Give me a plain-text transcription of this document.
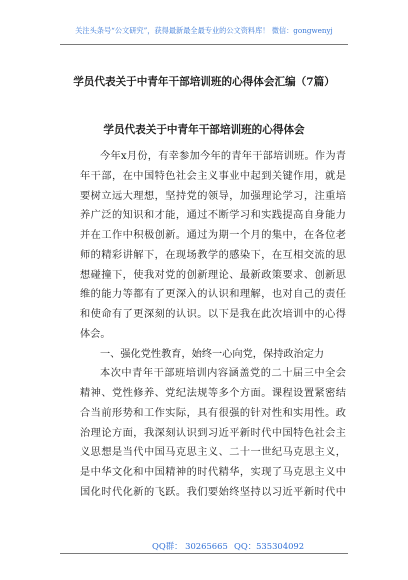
关注头条号“公文研究”，获得最新最全最专业的公文资料库！ 微信：gongwenyj
学员代表关于中青年干部培训班的心得体会汇编（7篇）
学员代表关于中青年干部培训班的心得体会
今年x月份，有幸参加今年的青年干部培训班。作为青
年干部，在中国特色社会主义事业中起到关键作用，就是
要树立远大理想，坚持党的领导，加强理论学习，注重培
养广泛的知识和才能，通过不断学习和实践提高自身能力
并在工作中积极创新。通过为期一个月的集中，在各位老
师的精彩讲解下，在现场教学的感染下，在互相交流的思
想碰撞下，使我对党的创新理论、最新政策要求、创新思
维的能力等都有了更深入的认识和理解，也对自己的责任
和使命有了更深刻的认识。以下是我在此次培训中的心得
体会。
一、强化党性教育，始终一心向党，保持政治定力
本次中青年干部班培训内容涵盖党的二十届三中全会
精神、党性修养、党纪法规等多个方面。课程设置紧密结
合当前形势和工作实际，具有很强的针对性和实用性。政
治理论方面，我深刻认识到习近平新时代中国特色社会主
义思想是当代中国马克思主义、二十一世纪马克思主义，
是中华文化和中国精神的时代精华，实现了马克思主义中
国化时代化新的飞跃。我们要始终坚持以习近平新时代中
QQ群： 30265665 QQ：535304092
